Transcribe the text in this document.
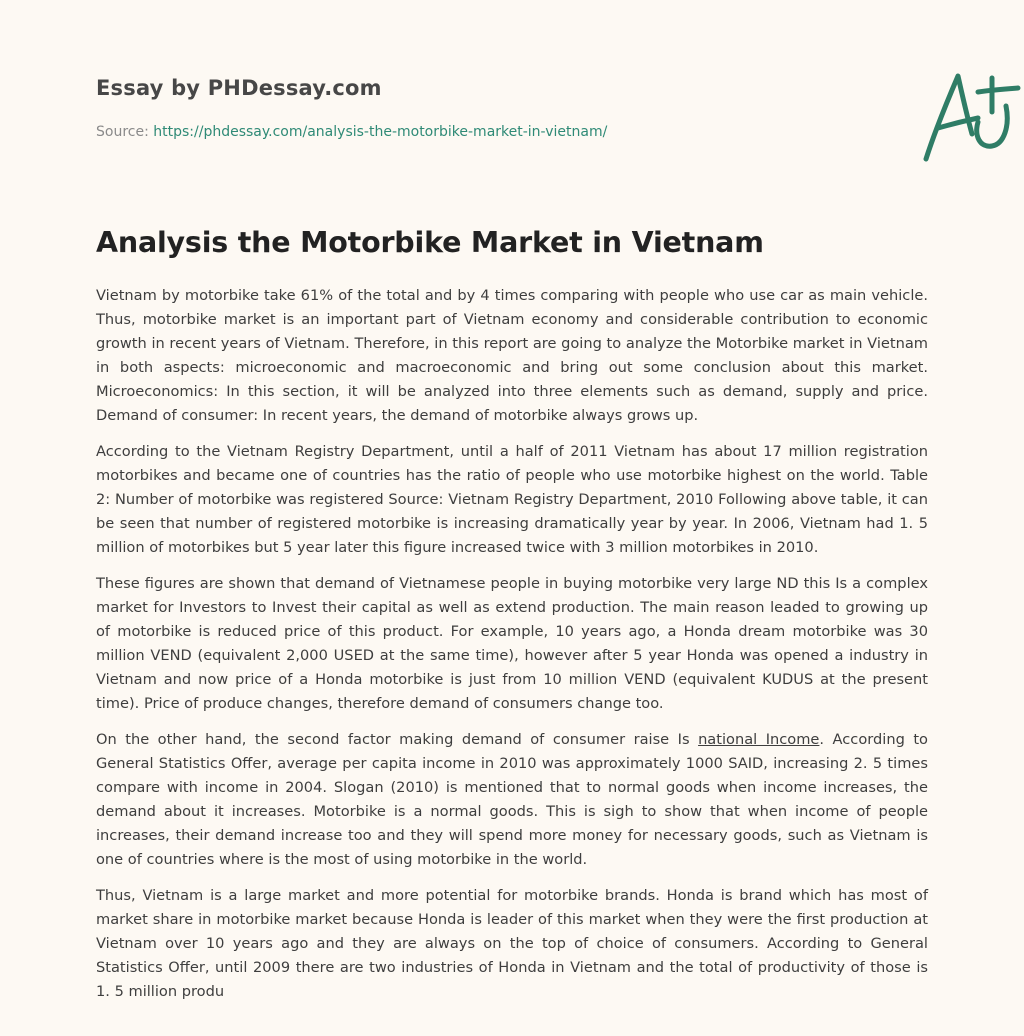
Essay by PHDessay.com
Source: https://phdessay.com/analysis-the-motorbike-market-in-vietnam/
Analysis the Motorbike Market in Vietnam

Vietnam by motorbike take 61% of the total and by 4 times comparing with people who use car as main vehicle. Thus, motorbike market is an important part of Vietnam economy and considerable contribution to economic growth in recent years of Vietnam. Therefore, in this report are going to analyze the Motorbike market in Vietnam in both aspects: microeconomic and macroeconomic and bring out some conclusion about this market. Microeconomics: In this section, it will be analyzed into three elements such as demand, supply and price. Demand of consumer: In recent years, the demand of motorbike always grows up.

According to the Vietnam Registry Department, until a half of 2011 Vietnam has about 17 million registration motorbikes and became one of countries has the ratio of people who use motorbike highest on the world. Table 2: Number of motorbike was registered Source: Vietnam Registry Department, 2010 Following above table, it can be seen that number of registered motorbike is increasing dramatically year by year. In 2006, Vietnam had 1. 5 million of motorbikes but 5 year later this figure increased twice with 3 million motorbikes in 2010.

These figures are shown that demand of Vietnamese people in buying motorbike very large ND this Is a complex market for Investors to Invest their capital as well as extend production. The main reason leaded to growing up of motorbike is reduced price of this product. For example, 10 years ago, a Honda dream motorbike was 30 million VEND (equivalent 2,000 USED at the same time), however after 5 year Honda was opened a industry in Vietnam and now price of a Honda motorbike is just from 10 million VEND (equivalent KUDUS at the present time). Price of produce changes, therefore demand of consumers change too.

On the other hand, the second factor making demand of consumer raise Is national Income. According to General Statistics Offer, average per capita income in 2010 was approximately 1000 SAID, increasing 2. 5 times compare with income in 2004. Slogan (2010) is mentioned that to normal goods when income increases, the demand about it increases. Motorbike is a normal goods. This is sigh to show that when income of people increases, their demand increase too and they will spend more money for necessary goods, such as Vietnam is one of countries where is the most of using motorbike in the world.

Thus, Vietnam is a large market and more potential for motorbike brands. Honda is brand which has most of market share in motorbike market because Honda is leader of this market when they were the first production at Vietnam over 10 years ago and they are always on the top of choice of consumers. According to General Statistics Offer, until 2009 there are two industries of Honda in Vietnam and the total of productivity of those is 1. 5 million produ
